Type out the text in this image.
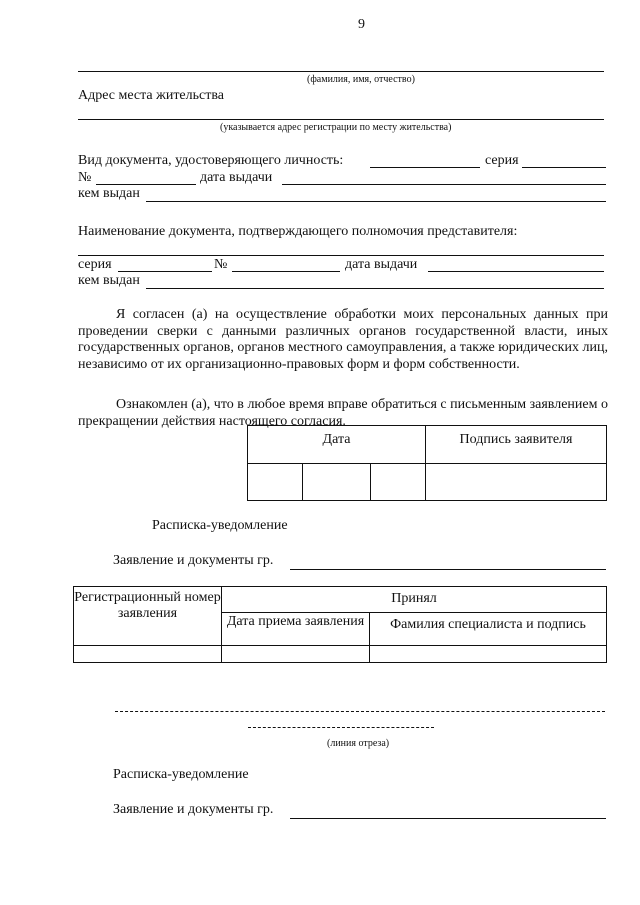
9
(фамилия, имя, отчество)
Адрес места жительства
(указывается адрес регистрации по месту жительства)
Вид документа, удостоверяющего личность:	серия
№	дата выдачи
кем выдан
Наименование документа, подтверждающего полномочия представителя:
серия	№	дата выдачи
кем выдан

Я согласен (а) на осуществление обработки моих персональных данных при проведении сверки с данными различных органов государственной власти, иных государственных органов, органов местного самоуправления, а также юридических лиц, независимо от их организационно-правовых форм и форм собственности.

Ознакомлен (а), что в любое время вправе обратиться с письменным заявлением о прекращении действия настоящего согласия.

Дата			Подпись заявителя

Расписка-уведомление
Заявление и документы гр.
Регистрационный номер заявления	Принял	
	Дата приема заявления	Фамилия специалиста и подпись

(линия отреза)
Расписка-уведомление
Заявление и документы гр.
